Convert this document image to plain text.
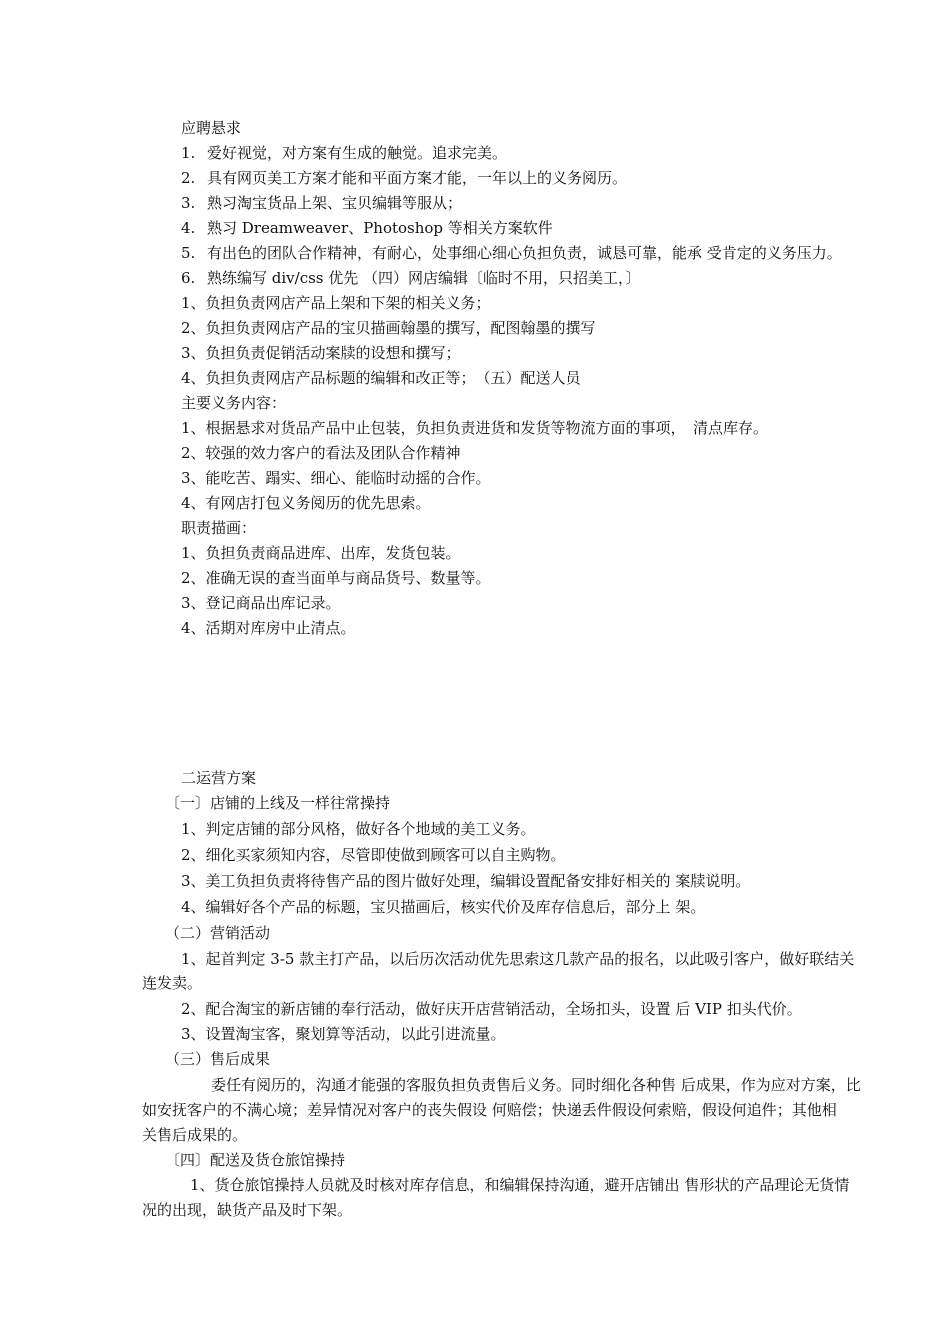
应聘悬求
1. 爱好视觉，对方案有生成的触觉。追求完美。
2. 具有网页美工方案才能和平面方案才能，一年以上的义务阅历。
3. 熟习淘宝货品上架、宝贝编辑等服从；
4. 熟习 Dreamweaver、Photoshop 等相关方案软件
5. 有出色的团队合作精神，有耐心，处事细心细心负担负责，诚恳可靠，能承 受肯定的义务压力。
6. 熟练编写 div/css 优先 （四）网店编辑〔临时不用，只招美工，〕
1、负担负责网店产品上架和下架的相关义务；
2、负担负责网店产品的宝贝描画翰墨的撰写，配图翰墨的撰写
3、负担负责促销活动案牍的设想和撰写；
4、负担负责网店产品标题的编辑和改正等；　（五）配送人员
主要义务内容：
1、根据悬求对货品产品中止包装，负担负责进货和发货等物流方面的事项，　清点库存。
2、较强的效力客户的看法及团队合作精神
3、能吃苦、蹋实、细心、能临时动摇的合作。
4、有网店打包义务阅历的优先思索。
职责描画：
1、负担负责商品进库、出库，发货包装。
2、准确无误的查当面单与商品货号、数量等。
3、登记商品出库记录。
4、活期对库房中止清点。
二运营方案
〔一〕店铺的上线及一样往常操持
1、判定店铺的部分风格，做好各个地域的美工义务。
2、细化买家须知内容，尽管即使做到顾客可以自主购物。
3、美工负担负责将待售产品的图片做好处理，编辑设置配备安排好相关的 案牍说明。
4、编辑好各个产品的标题，宝贝描画后，核实代价及库存信息后，部分上 架。
（二）营销活动
1、起首判定 3-5 款主打产品，以后历次活动优先思索这几款产品的报名，以此吸引客户，做好联结关
连发卖。
2、配合淘宝的新店铺的奉行活动，做好庆开店营销活动，全场扣头，设置 后 VIP 扣头代价。
3、设置淘宝客，聚划算等活动，以此引进流量。
（三）售后成果
委任有阅历的，沟通才能强的客服负担负责售后义务。同时细化各种售 后成果，作为应对方案，比
如安抚客户的不满心境；差异情况对客户的丧失假设 何赔偿；快递丢件假设何索赔，假设何追件；其他相
关售后成果的。
〔四〕配送及货仓旅馆操持
1、货仓旅馆操持人员就及时核对库存信息，和编辑保持沟通，避开店铺出 售形状的产品理论无货情
况的出现，缺货产品及时下架。
